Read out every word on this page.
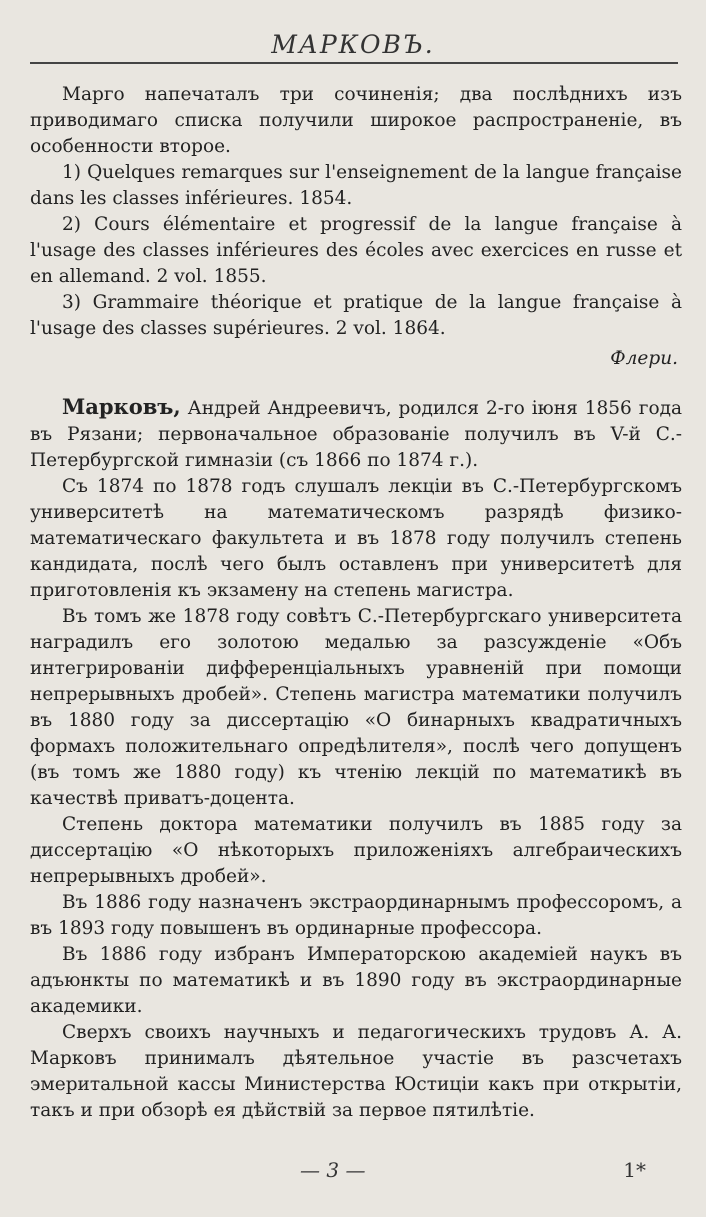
МАРКОВЪ.

Марго напечаталъ три сочиненія; два послѣднихъ изъ приводимаго списка получили широкое распространеніе, въ особенности второе.

1) Quelques remarques sur l'enseignement de la langue française dans les classes inférieures. 1854.

2) Cours élémentaire et progressif de la langue française à l'usage des classes inférieures des écoles avec exercices en russe et en allemand. 2 vol. 1855.

3) Grammaire théorique et pratique de la langue française à l'usage des classes supérieures. 2 vol. 1864.

Флери.

Марковъ, Андрей Андреевичъ, родился 2-го іюня 1856 года въ Рязани; первоначальное образованіе получилъ въ V-й С.-Петербургской гимназіи (съ 1866 по 1874 г.).

Съ 1874 по 1878 годъ слушалъ лекціи въ С.-Петербургскомъ университетѣ на математическомъ разрядѣ физико-математическаго факультета и въ 1878 году получилъ степень кандидата, послѣ чего былъ оставленъ при университетѣ для приготовленія къ экзамену на степень магистра.

Въ томъ же 1878 году совѣтъ С.-Петербургскаго университета наградилъ его золотою медалью за разсужденіе «Объ интегрированіи дифференціальныхъ уравненій при помощи непрерывныхъ дробей». Степень магистра математики получилъ въ 1880 году за диссертацію «О бинарныхъ квадратичныхъ формахъ положительнаго опредѣлителя», послѣ чего допущенъ (въ томъ же 1880 году) къ чтенію лекцій по математикѣ въ качествѣ приватъ-доцента.

Степень доктора математики получилъ въ 1885 году за диссертацію «О нѣкоторыхъ приложеніяхъ алгебраическихъ непрерывныхъ дробей».

Въ 1886 году назначенъ экстраординарнымъ профессоромъ, а въ 1893 году повышенъ въ ординарные профессора.

Въ 1886 году избранъ Императорскою академіей наукъ въ адъюнкты по математикѣ и въ 1890 году въ экстраординарные академики.

Сверхъ своихъ научныхъ и педагогическихъ трудовъ А. А. Марковъ принималъ дѣятельное участіе въ разсчетахъ эмеритальной кассы Министерства Юстиціи какъ при открытіи, такъ и при обзорѣ ея дѣйствій за первое пятилѣтіе.

— 3 —	1*
